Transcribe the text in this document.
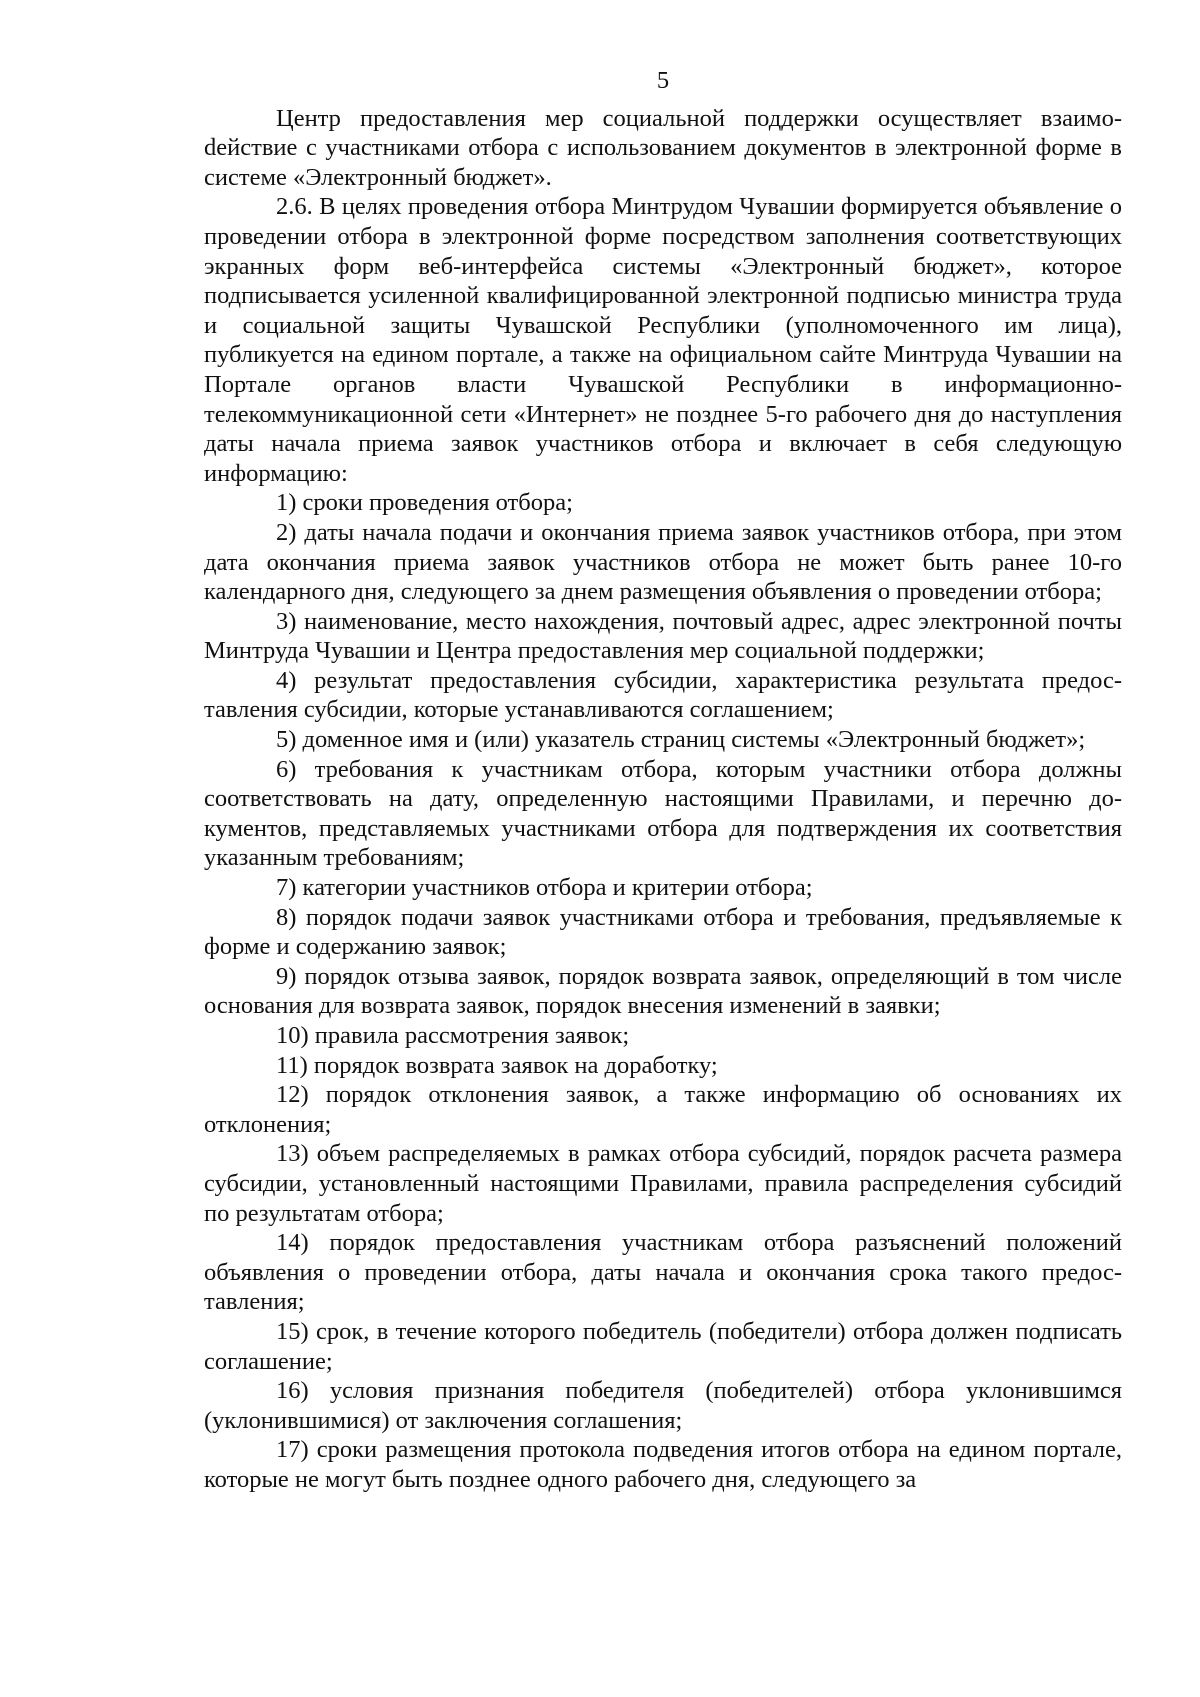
5

Центр предоставления мер социальной поддержки осуществляет взаимоdействие с участниками отбора с использованием документов в электронной форме в системе «Электронный бюджет».

2.6. В целях проведения отбора Минтрудом Чувашии формируется объявление о проведении отбора в электронной форме посредством заполнения соответствующих экранных форм веб-интерфейса системы «Электронный бюджет», которое подписывается усиленной квалифицированной электронной подписью министра труда и социальной защиты Чувашской Республики (уполномоченного им лица), публикуется на едином портале, а также на официальном сайте Минтруда Чувашии на Портале органов власти Чувашской Республики в информационно-телекоммуникационной сети «Интернет» не позднее 5-го рабочего дня до наступления даты начала приема заявок участников отбора и включает в себя следующую информацию:

1) сроки проведения отбора;

2) даты начала подачи и окончания приема заявок участников отбора, при этом дата окончания приема заявок участников отбора не может быть ранее 10-го календарного дня, следующего за днем размещения объявления о проведении отбора;

3) наименование, место нахождения, почтовый адрес, адрес электронной почты Минтруда Чувашии и Центра предоставления мер социальной поддержки;

4) результат предоставления субсидии, характеристика результата предоставления субсидии, которые устанавливаются соглашением;

5) доменное имя и (или) указатель страниц системы «Электронный бюджет»;

6) требования к участникам отбора, которым участники отбора должны соответствовать на дату, определенную настоящими Правилами, и перечню документов, представляемых участниками отбора для подтверждения их соответствия указанным требованиям;

7) категории участников отбора и критерии отбора;

8) порядок подачи заявок участниками отбора и требования, предъявляемые к форме и содержанию заявок;

9) порядок отзыва заявок, порядок возврата заявок, определяющий в том числе основания для возврата заявок, порядок внесения изменений в заявки;

10) правила рассмотрения заявок;

11) порядок возврата заявок на доработку;

12) порядок отклонения заявок, а также информацию об основаниях их отклонения;

13) объем распределяемых в рамках отбора субсидий, порядок расчета размера субсидии, установленный настоящими Правилами, правила распределения субсидий по результатам отбора;

14) порядок предоставления участникам отбора разъяснений положений объявления о проведении отбора, даты начала и окончания срока такого предоставления;

15) срок, в течение которого победитель (победители) отбора должен подписать соглашение;

16) условия признания победителя (победителей) отбора уклонившимся (уклонившимися) от заключения соглашения;

17) сроки размещения протокола подведения итогов отбора на едином портале, которые не могут быть позднее одного рабочего дня, следующего за
